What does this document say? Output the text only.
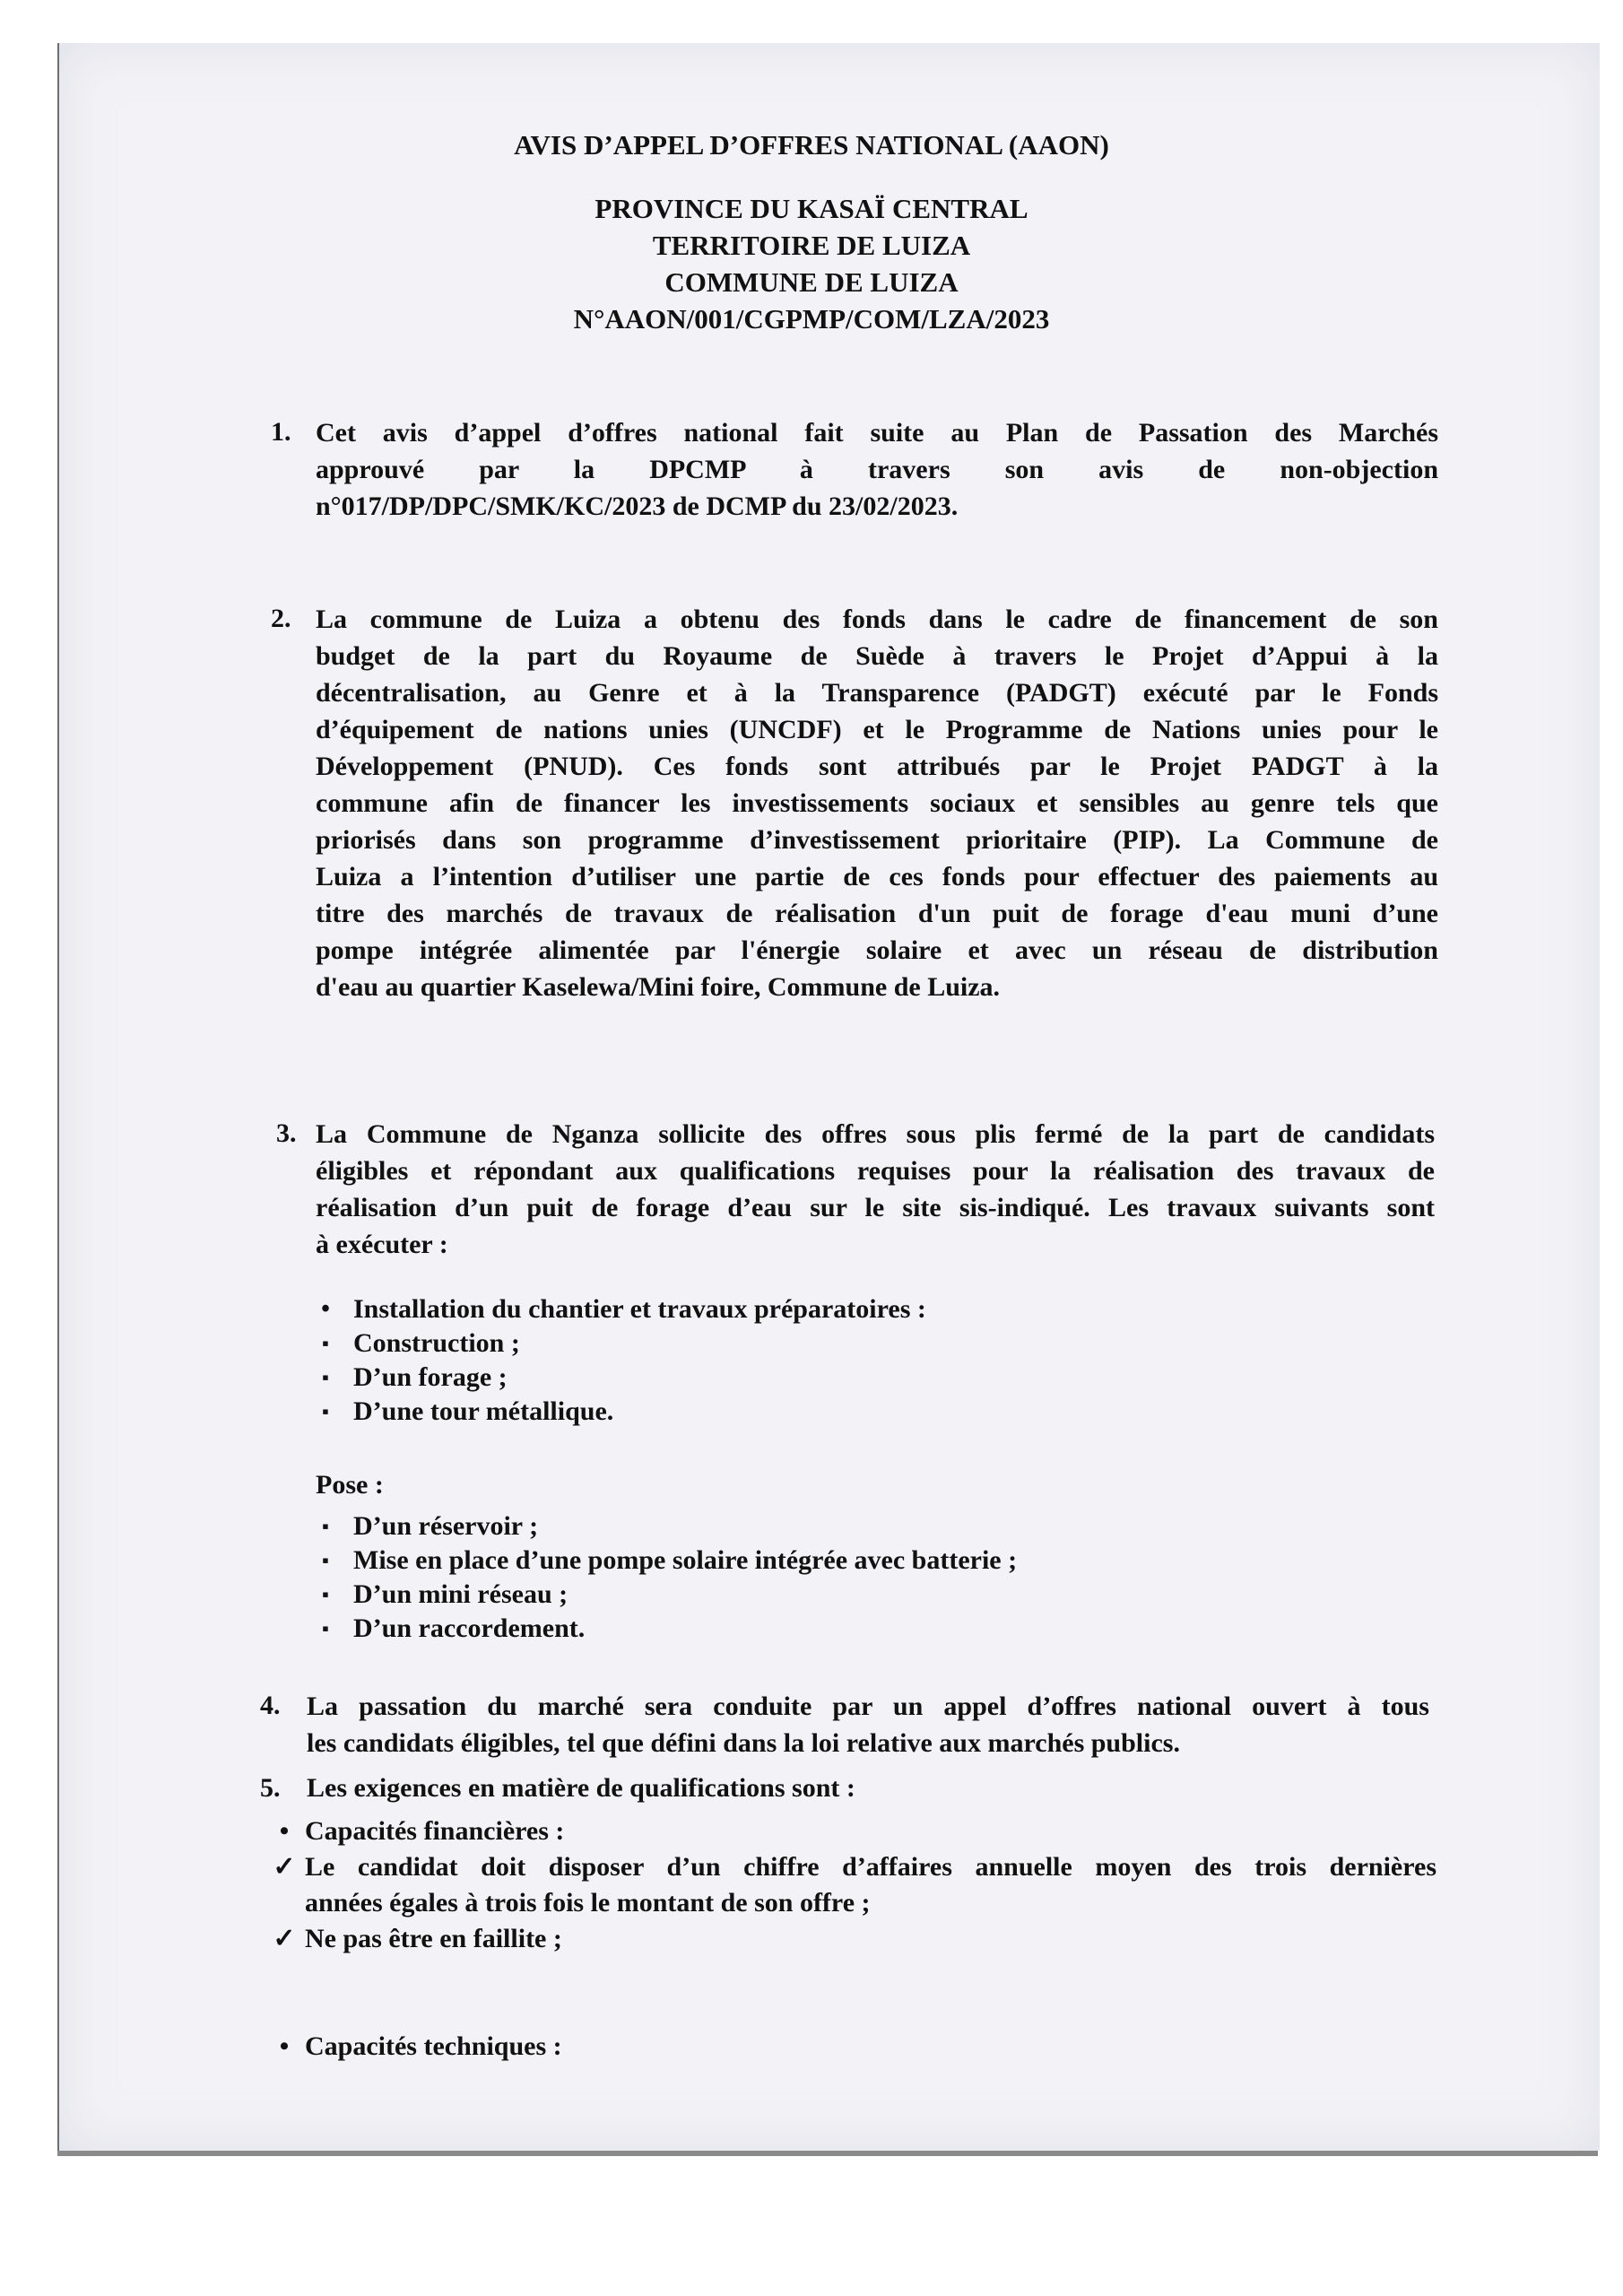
AVIS D’APPEL D’OFFRES NATIONAL (AAON)
PROVINCE DU KASAÏ CENTRAL
TERRITOIRE DE LUIZA
COMMUNE DE LUIZA
N°AAON/001/CGPMP/COM/LZA/2023
1. Cet avis d’appel d’offres national fait suite au Plan de Passation des Marchés
approuvé par la DPCMP à travers son avis de non-objection
n°017/DP/DPC/SMK/KC/2023 de DCMP du 23/02/2023.
2. La commune de Luiza a obtenu des fonds dans le cadre de financement de son
budget de la part du Royaume de Suède à travers le Projet d’Appui à la
décentralisation, au Genre et à la Transparence (PADGT) exécuté par le Fonds
d’équipement de nations unies (UNCDF) et le Programme de Nations unies pour le
Développement (PNUD). Ces fonds sont attribués par le Projet PADGT à la
commune afin de financer les investissements sociaux et sensibles au genre tels que
priorisés dans son programme d’investissement prioritaire (PIP). La Commune de
Luiza a l’intention d’utiliser une partie de ces fonds pour effectuer des paiements au
titre des marchés de travaux de réalisation d'un puit de forage d'eau muni d’une
pompe intégrée alimentée par l'énergie solaire et avec un réseau de distribution
d'eau au quartier Kaselewa/Mini foire, Commune de Luiza.
3. La Commune de Nganza sollicite des offres sous plis fermé de la part de candidats
éligibles et répondant aux qualifications requises pour la réalisation des travaux de
réalisation d’un puit de forage d’eau sur le site sis-indiqué. Les travaux suivants sont
à exécuter :
• Installation du chantier et travaux préparatoires :
▪ Construction ;
▪ D’un forage ;
▪ D’une tour métallique.
Pose :
▪ D’un réservoir ;
▪ Mise en place d’une pompe solaire intégrée avec batterie ;
▪ D’un mini réseau ;
▪ D’un raccordement.
4. La passation du marché sera conduite par un appel d’offres national ouvert à tous
les candidats éligibles, tel que défini dans la loi relative aux marchés publics.
5. Les exigences en matière de qualifications sont :
• Capacités financières :
✓ Le candidat doit disposer d’un chiffre d’affaires annuelle moyen des trois dernières
années égales à trois fois le montant de son offre ;
✓ Ne pas être en faillite ;
• Capacités techniques :
